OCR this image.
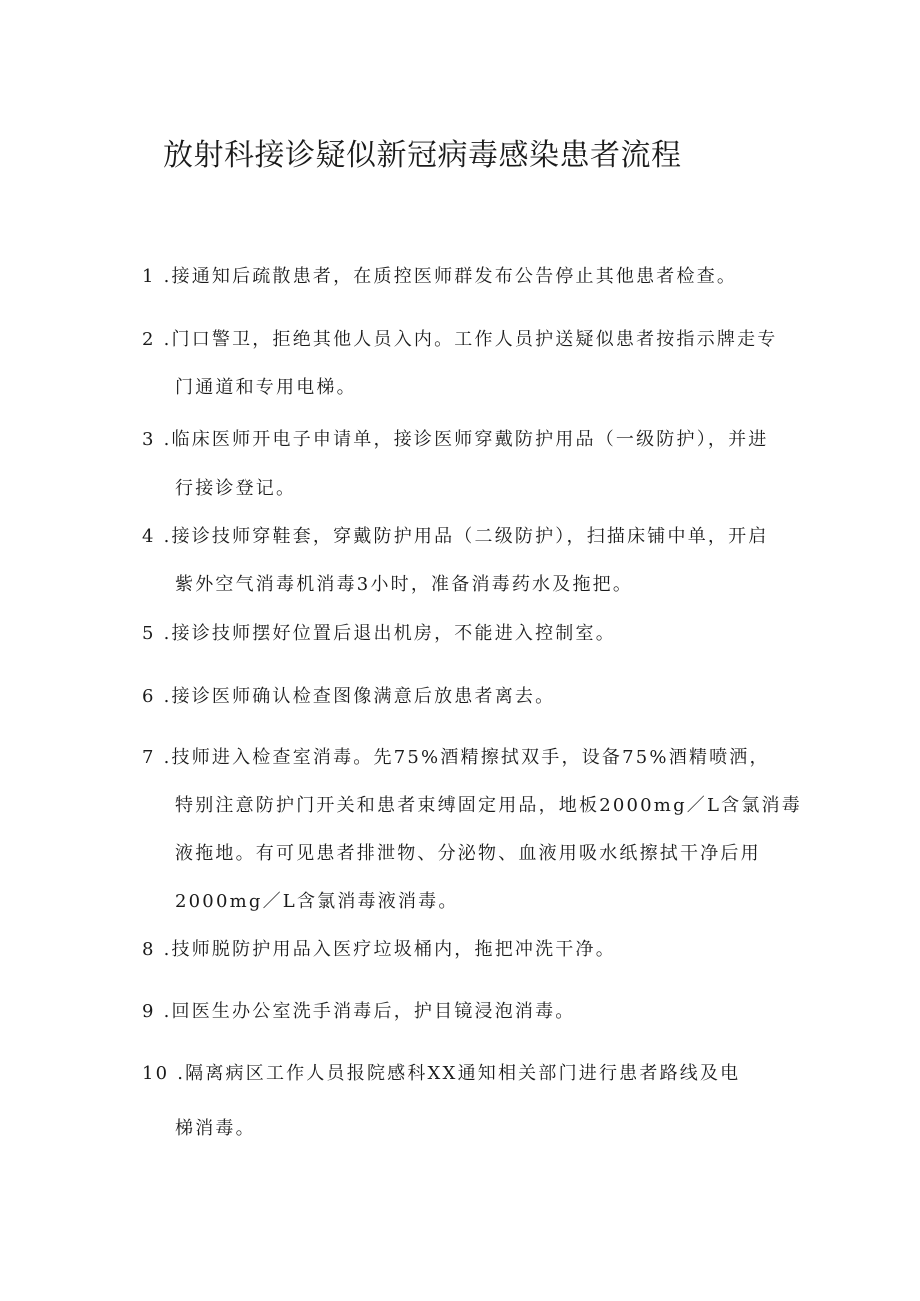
放射科接诊疑似新冠病毒感染患者流程
1 .接通知后疏散患者，在质控医师群发布公告停止其他患者检查。
2 .门口警卫，拒绝其他人员入内。工作人员护送疑似患者按指示牌走专
门通道和专用电梯。
3 .临床医师开电子申请单，接诊医师穿戴防护用品（一级防护），并进
行接诊登记。
4 .接诊技师穿鞋套，穿戴防护用品（二级防护），扫描床铺中单，开启
紫外空气消毒机消毒3小时，准备消毒药水及拖把。
5 .接诊技师摆好位置后退出机房，不能进入控制室。
6 .接诊医师确认检查图像满意后放患者离去。
7 .技师进入检查室消毒。先75%酒精擦拭双手，设备75%酒精喷洒，
特别注意防护门开关和患者束缚固定用品，地板2000mg／L含氯消毒
液拖地。有可见患者排泄物、分泌物、血液用吸水纸擦拭干净后用
2000mg／L含氯消毒液消毒。
8 .技师脱防护用品入医疗垃圾桶内，拖把冲洗干净。
9 .回医生办公室洗手消毒后，护目镜浸泡消毒。
10 .隔离病区工作人员报院感科XX通知相关部门进行患者路线及电
梯消毒。
